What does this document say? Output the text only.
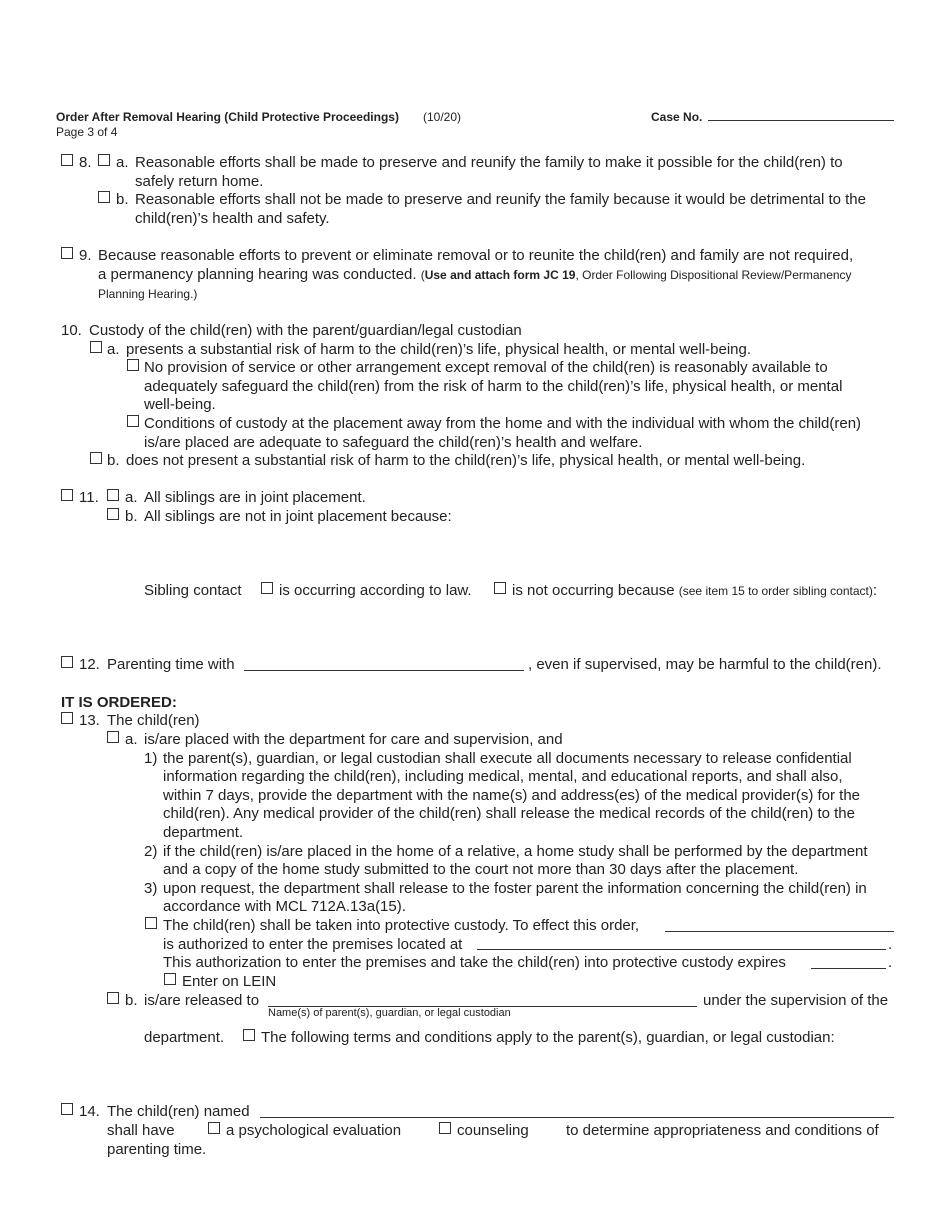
Order After Removal Hearing (Child Protective Proceedings) (10/20)
Page 3 of 4
Case No.
8. a. Reasonable efforts shall be made to preserve and reunify the family to make it possible for the child(ren) to
safely return home.
b. Reasonable efforts shall not be made to preserve and reunify the family because it would be detrimental to the
child(ren)’s health and safety.
9. Because reasonable efforts to prevent or eliminate removal or to reunite the child(ren) and family are not required,
a permanency planning hearing was conducted. (Use and attach form JC 19, Order Following Dispositional Review/Permanency
Planning Hearing.)
10. Custody of the child(ren) with the parent/guardian/legal custodian
a. presents a substantial risk of harm to the child(ren)’s life, physical health, or mental well-being.
No provision of service or other arrangement except removal of the child(ren) is reasonably available to
adequately safeguard the child(ren) from the risk of harm to the child(ren)’s life, physical health, or mental
well-being.
Conditions of custody at the placement away from the home and with the individual with whom the child(ren)
is/are placed are adequate to safeguard the child(ren)’s health and welfare.
b. does not present a substantial risk of harm to the child(ren)’s life, physical health, or mental well-being.
11. a. All siblings are in joint placement.
b. All siblings are not in joint placement because:
Sibling contact is occurring according to law.	is not occurring because (see item 15 to order sibling contact):
12. Parenting time with	, even if supervised, may be harmful to the child(ren).
IT IS ORDERED:
13. The child(ren)
a. is/are placed with the department for care and supervision, and
1) the parent(s), guardian, or legal custodian shall execute all documents necessary to release confidential
information regarding the child(ren), including medical, mental, and educational reports, and shall also,
within 7 days, provide the department with the name(s) and address(es) of the medical provider(s) for the
child(ren). Any medical provider of the child(ren) shall release the medical records of the child(ren) to the
department.
2) if the child(ren) is/are placed in the home of a relative, a home study shall be performed by the department
and a copy of the home study submitted to the court not more than 30 days after the placement.
3) upon request, the department shall release to the foster parent the information concerning the child(ren) in
accordance with MCL 712A.13a(15).
The child(ren) shall be taken into protective custody. To effect this order,
is authorized to enter the premises located at	.
This authorization to enter the premises and take the child(ren) into protective custody expires	.
Enter on LEIN
b. is/are released to	under the supervision of the
Name(s) of parent(s), guardian, or legal custodian
department. The following terms and conditions apply to the parent(s), guardian, or legal custodian:
14. The child(ren) named
shall have	a psychological evaluation	counseling to determine appropriateness and conditions of
parenting time.
